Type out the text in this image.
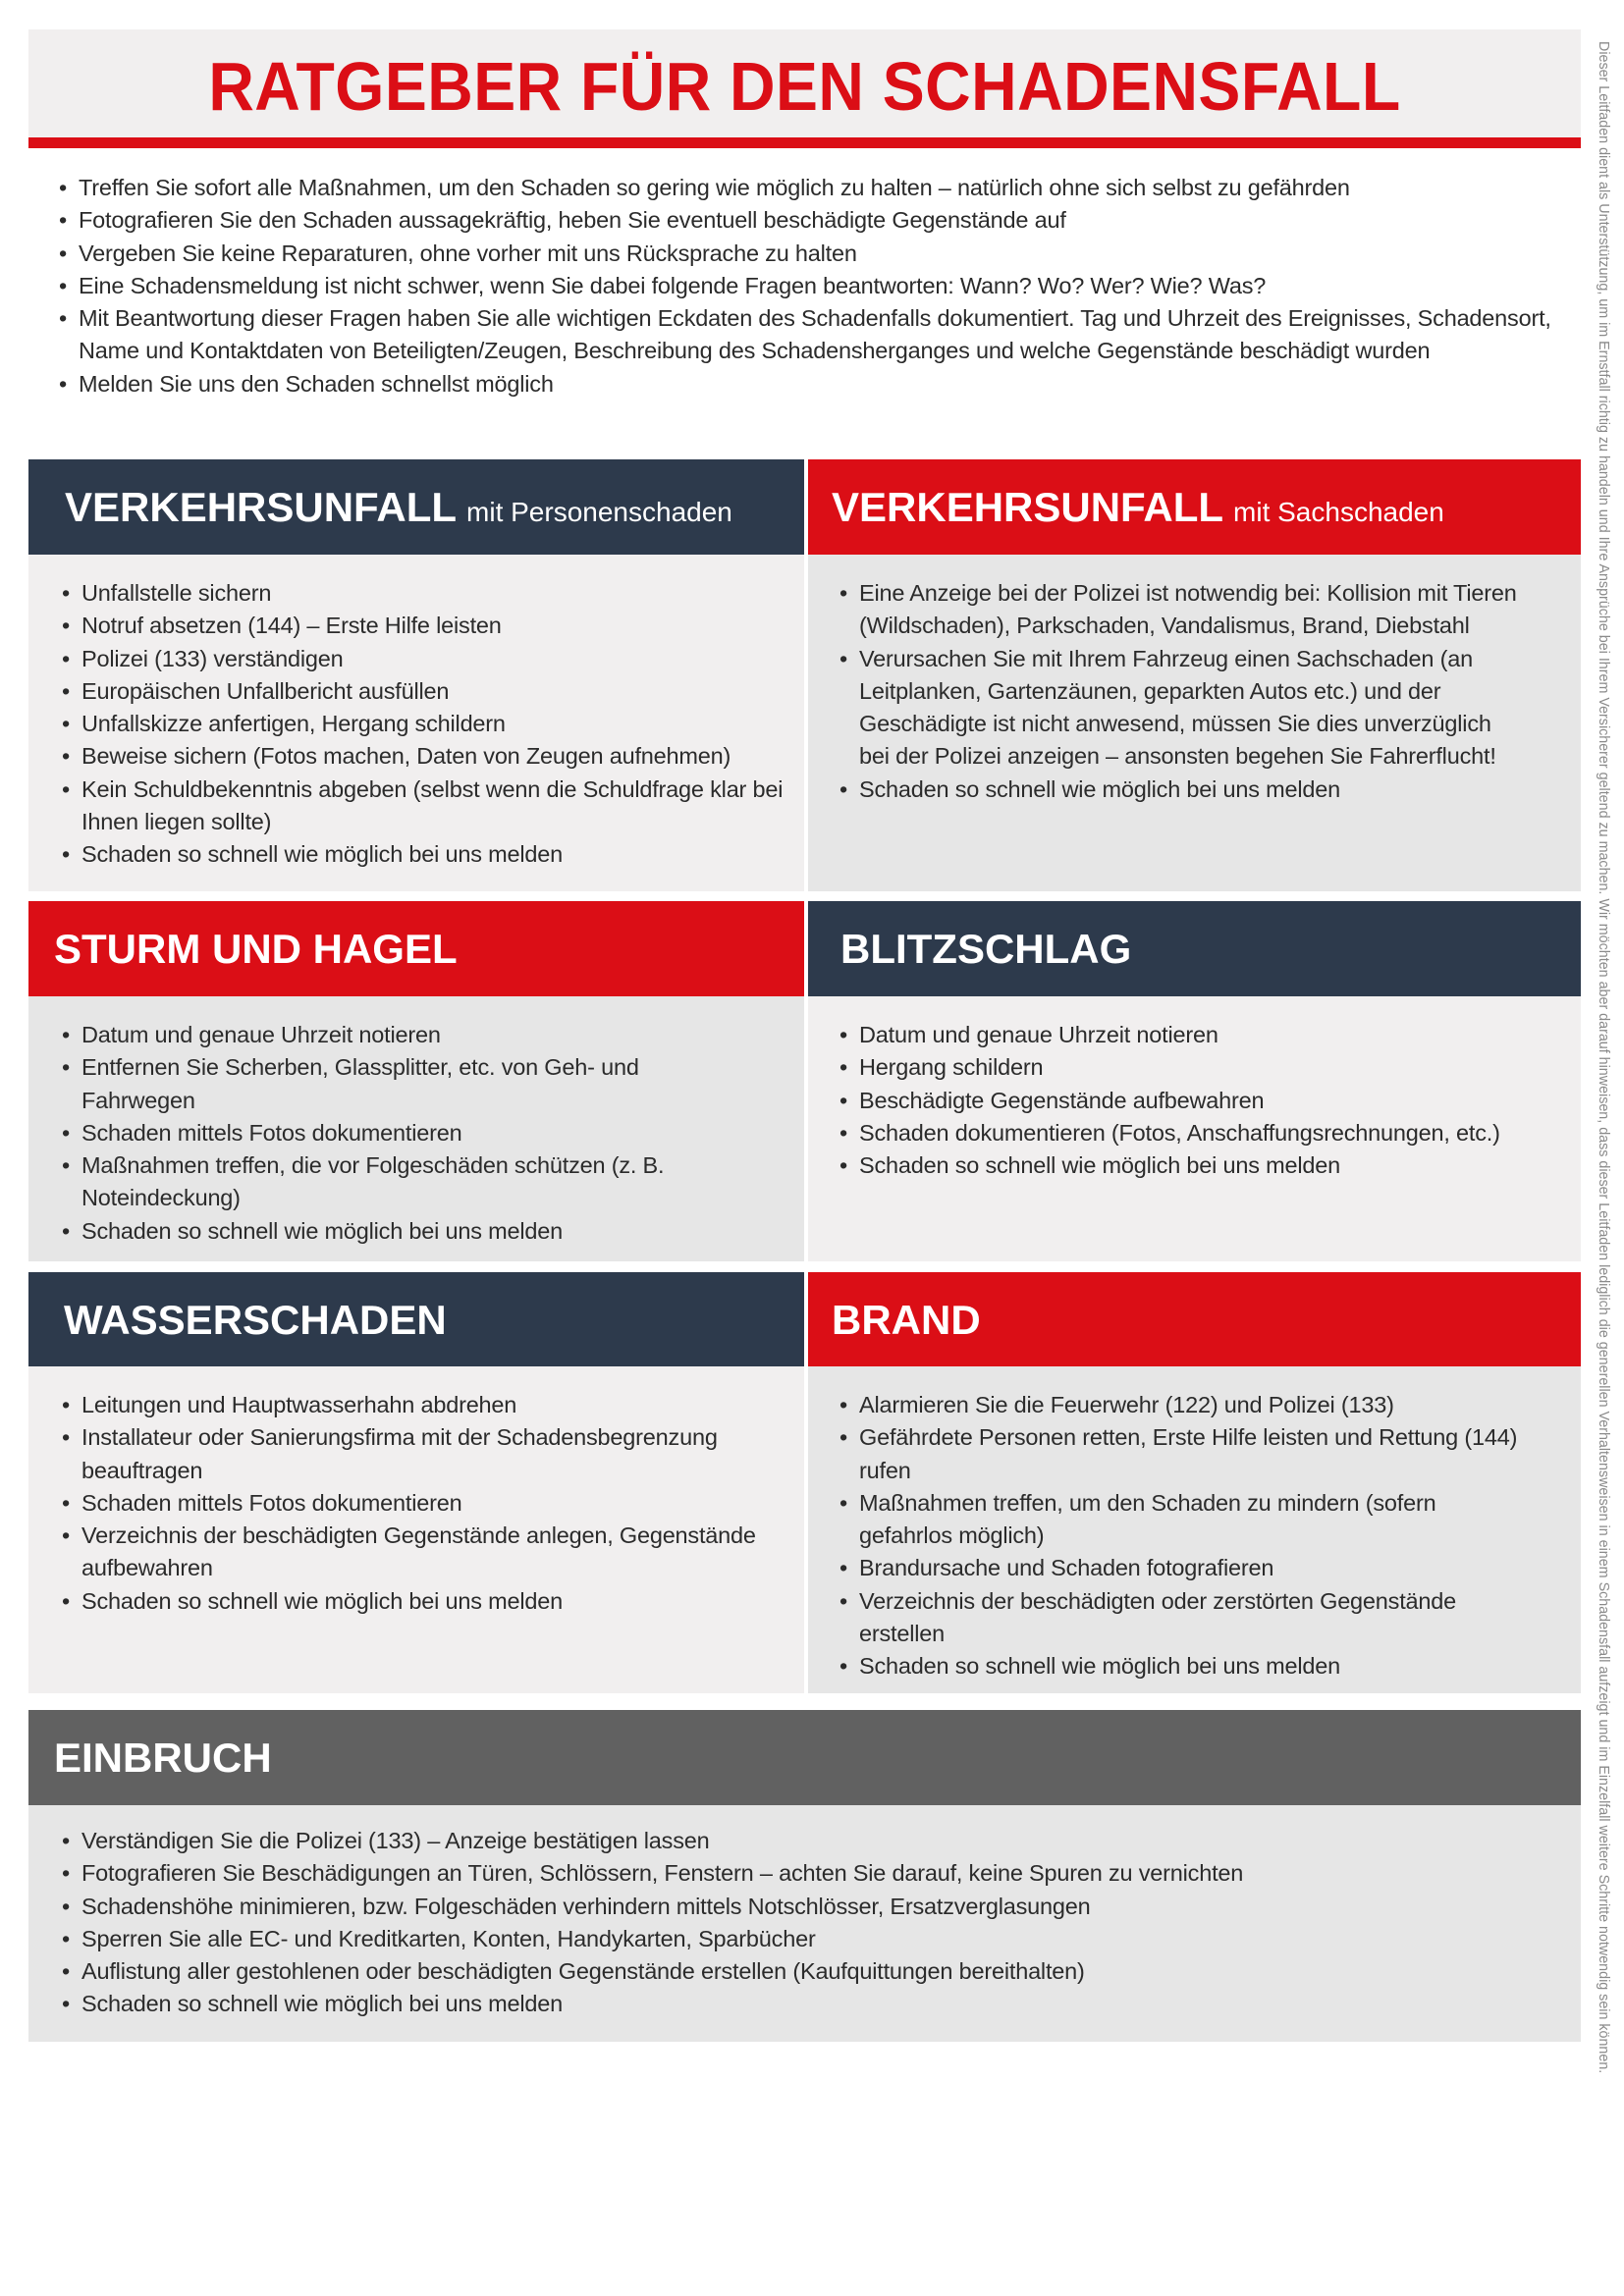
RATGEBER FÜR DEN SCHADENSFALL
• Treffen Sie sofort alle Maßnahmen, um den Schaden so gering wie möglich zu halten – natürlich ohne sich selbst zu gefährden
• Fotografieren Sie den Schaden aussagekräftig, heben Sie eventuell beschädigte Gegenstände auf
• Vergeben Sie keine Reparaturen, ohne vorher mit uns Rücksprache zu halten
• Eine Schadensmeldung ist nicht schwer, wenn Sie dabei folgende Fragen beantworten: Wann? Wo? Wer? Wie? Was?
• Mit Beantwortung dieser Fragen haben Sie alle wichtigen Eckdaten des Schadenfalls dokumentiert. Tag und Uhrzeit des Ereignisses, Schadensort, Name und Kontaktdaten von Beteiligten/Zeugen, Beschreibung des Schadensherganges und welche Gegenstände beschädigt wurden
• Melden Sie uns den Schaden schnellst möglich
VERKEHRSUNFALL mit Personenschaden
• Unfallstelle sichern
• Notruf absetzen (144) – Erste Hilfe leisten
• Polizei (133) verständigen
• Europäischen Unfallbericht ausfüllen
• Unfallskizze anfertigen, Hergang schildern
• Beweise sichern (Fotos machen, Daten von Zeugen aufnehmen)
• Kein Schuldbekenntnis abgeben (selbst wenn die Schuldfrage klar bei Ihnen liegen sollte)
• Schaden so schnell wie möglich bei uns melden
VERKEHRSUNFALL mit Sachschaden
• Eine Anzeige bei der Polizei ist notwendig bei: Kollision mit Tieren (Wildschaden), Parkschaden, Vandalismus, Brand, Diebstahl
• Verursachen Sie mit Ihrem Fahrzeug einen Sachschaden (an Leitplanken, Gartenzäunen, geparkten Autos etc.) und der Geschädigte ist nicht anwesend, müssen Sie dies unverzüglich bei der Polizei anzeigen – ansonsten begehen Sie Fahrerflucht!
• Schaden so schnell wie möglich bei uns melden
STURM UND HAGEL
• Datum und genaue Uhrzeit notieren
• Entfernen Sie Scherben, Glassplitter, etc. von Geh- und Fahrwegen
• Schaden mittels Fotos dokumentieren
• Maßnahmen treffen, die vor Folgeschäden schützen (z. B. Noteindeckung)
• Schaden so schnell wie möglich bei uns melden
BLITZSCHLAG
• Datum und genaue Uhrzeit notieren
• Hergang schildern
• Beschädigte Gegenstände aufbewahren
• Schaden dokumentieren (Fotos, Anschaffungsrechnungen, etc.)
• Schaden so schnell wie möglich bei uns melden
WASSERSCHADEN
• Leitungen und Hauptwasserhahn abdrehen
• Installateur oder Sanierungsfirma mit der Schadensbegrenzung beauftragen
• Schaden mittels Fotos dokumentieren
• Verzeichnis der beschädigten Gegenstände anlegen, Gegenstände aufbewahren
• Schaden so schnell wie möglich bei uns melden
BRAND
• Alarmieren Sie die Feuerwehr (122) und Polizei (133)
• Gefährdete Personen retten, Erste Hilfe leisten und Rettung (144) rufen
• Maßnahmen treffen, um den Schaden zu mindern (sofern gefahrlos möglich)
• Brandursache und Schaden fotografieren
• Verzeichnis der beschädigten oder zerstörten Gegenstände erstellen
• Schaden so schnell wie möglich bei uns melden
EINBRUCH
• Verständigen Sie die Polizei (133) – Anzeige bestätigen lassen
• Fotografieren Sie Beschädigungen an Türen, Schlössern, Fenstern – achten Sie darauf, keine Spuren zu vernichten
• Schadenshöhe minimieren, bzw. Folgeschäden verhindern mittels Notschlösser, Ersatzverglasungen
• Sperren Sie alle EC- und Kreditkarten, Konten, Handykarten, Sparbücher
• Auflistung aller gestohlenen oder beschädigten Gegenstände erstellen (Kaufquittungen bereithalten)
• Schaden so schnell wie möglich bei uns melden	Dieser Leitfaden dient als Unterstützung, um im Ernstfall richtig zu handeln und Ihre Ansprüche bei Ihrem Versicherer geltend zu machen. Wir möchten aber darauf hinweisen, dass dieser Leitfaden lediglich die generellen Verhaltensweisen in einem Schadensfall aufzeigt und im Einzelfall weitere Schritte notwendig sein können.
